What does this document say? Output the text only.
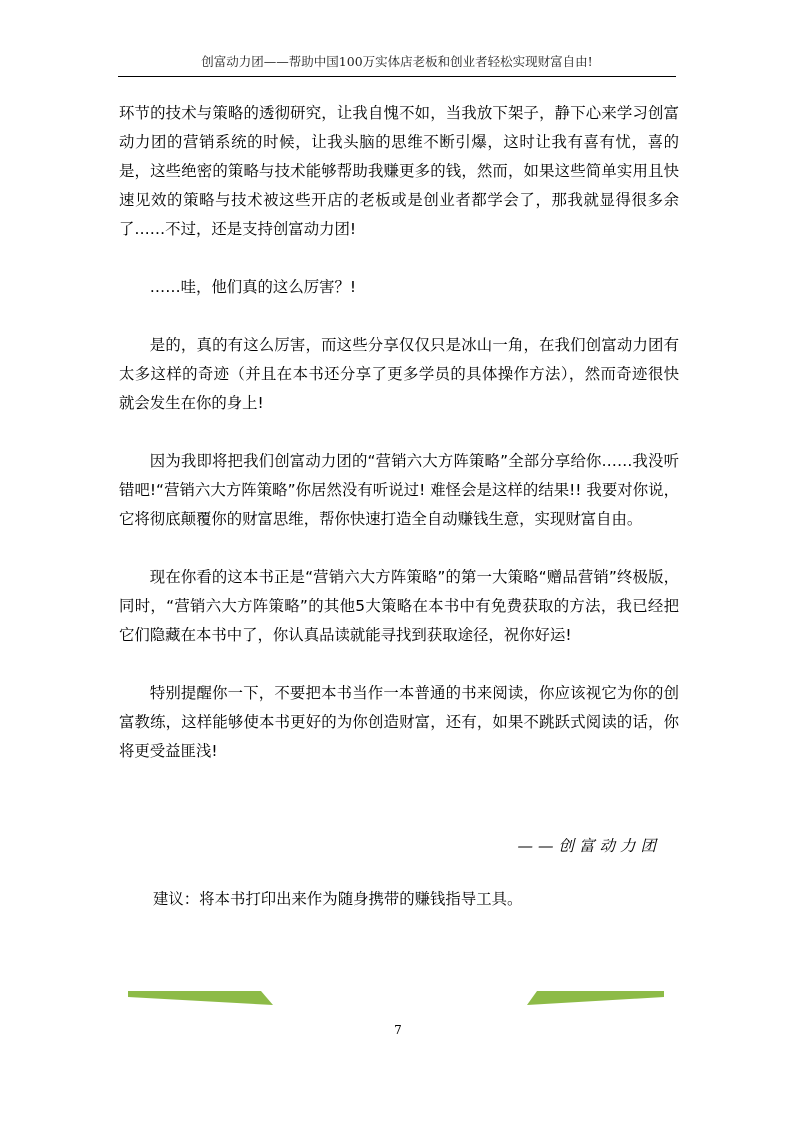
创富动力团——帮助中国100万实体店老板和创业者轻松实现财富自由!

环节的技术与策略的透彻研究，让我自愧不如，当我放下架子，静下心来学习创富动力团的营销系统的时候，让我头脑的思维不断引爆，这时让我有喜有忧，喜的是，这些绝密的策略与技术能够帮助我赚更多的钱，然而，如果这些简单实用且快速见效的策略与技术被这些开店的老板或是创业者都学会了，那我就显得很多余了……不过，还是支持创富动力团!

……哇，他们真的这么厉害？!

是的，真的有这么厉害，而这些分享仅仅只是冰山一角，在我们创富动力团有太多这样的奇迹（并且在本书还分享了更多学员的具体操作方法），然而奇迹很快就会发生在你的身上!

因为我即将把我们创富动力团的“营销六大方阵策略”全部分享给你……我没听错吧!“营销六大方阵策略”你居然没有听说过! 难怪会是这样的结果!! 我要对你说，它将彻底颠覆你的财富思维，帮你快速打造全自动赚钱生意，实现财富自由。

现在你看的这本书正是“营销六大方阵策略”的第一大策略“赠品营销”终极版，同时，“营销六大方阵策略”的其他5大策略在本书中有免费获取的方法，我已经把它们隐藏在本书中了，你认真品读就能寻找到获取途径，祝你好运!

特别提醒你一下，不要把本书当作一本普通的书来阅读，你应该视它为你的创富教练，这样能够使本书更好的为你创造财富，还有，如果不跳跃式阅读的话，你将更受益匪浅!

——创富动力团
建议：将本书打印出来作为随身携带的赚钱指导工具。
7
